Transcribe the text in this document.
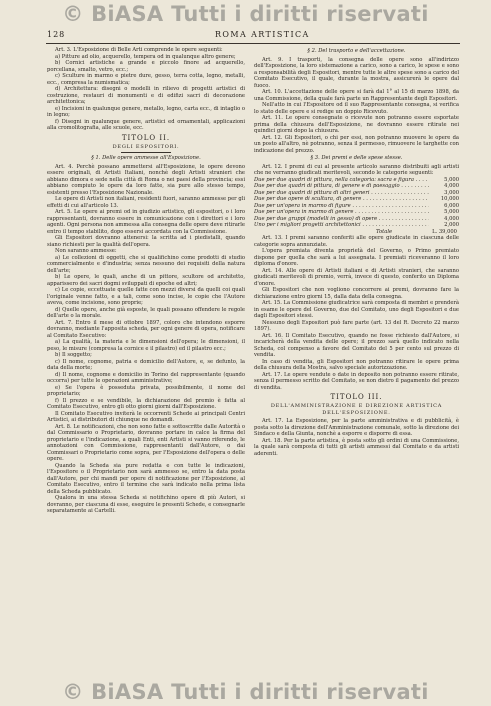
© BiASA Tutti i diritti riservati
128	ROMA ARTISTICA

Art. 3. L'Esposizione di Belle Arti comprende le opere seguenti:

a) Pitture ad olio, acquerello, tempera od in qualunque altro genere;

b) Cornici artistiche a grande e piccolo finore ad acquerello, porcellana, smalto, vetro, ecc.;

c) Sculture in marmo e pietre dure, gesso, terra cotta, legno, metalli, ecc., compresa la numismatica;

d) Architettura: disegni o modelli in rilievo di progetti artistici di costruzione, restauri di monumenti e di edifizi sacri di decorazione architettonica;

e) Incisioni in qualunque genere, metallo, legno, carta ecc., di intaglio o in legno;

f) Disegni in qualunque genere, artistici ed ornamentali, applicazioni alla cromolitografia, alle scuole, ecc.

TITOLO II.
DEGLI ESPOSITORI.
§ 1. Delle opere ammesse all'Esposizione.

Art. 4. Perchè possano ammettersi all'Esposizione, le opere devono essere originali, di Artisti Italiani, nonchè degli Artisti stranieri che abbiano dimora e sede nella città di Roma o nei paesi della provincia; essi abbiano compiuto le opere da loro fatte, sia pure allo stesso tempo, esistenti presso l'Esposizione Nazionale.

Le opere di Artisti non italiani, residenti fuori, saranno ammesse per gli effetti di cui all'articolo 13.

Art. 5. Le opere ai premi od in giudizio artistico, gli espositori, o i loro rappresentanti, dovranno essere in comunicazione con i direttori e i loro agenti. Ogni persona non ammessa alla consegna delle opere deve ritirarle entro il tempo stabilito, dopo essersi accordata con la Commissione.

Gli Espositori dovranno attenersi: la scritta ad i piedistalli, quando siano richiesti per la qualità dell'opera.

Non saranno ammesse:

a) Le collezioni di oggetti, che si qualifichino come prodotti di studio commercialmente e d'industria; senza nessuno dei requisiti della natura dell'arte;

b) Le opere, le quali, anche di un pittore, scultore od architetto, apparissero dei sacri dogmi sviluppati di epoche ed altri;

c) Le copie, eccettuate quelle fatte con mezzi diversi da quelli coi quali l'originale venne fatto, e a tali, come sono incise, le copie che l'Autore aveva, come incisione, sono proprie;

d) Quelle opere, anche già esposte, le quali possano offendere le regole dell'arte o la morale.

Art. 7. Entro il mese di ottobre 1897, coloro che intendono esporre dovranno, mediante l'apposita scheda, per ogni genere di opera, notificare al Comitato Esecutivo:

a) La qualità, la materia e le dimensioni dell'opera; le dimensioni, il peso, le misure (compresa la cornice e il pilastro) ed il pilastro ecc.;

b) Il soggetto;

c) Il nome, cognome, patria e domicilio dell'Autore, e, se defunto, la data della morte;

d) Il nome, cognome e domicilio in Torino del rappresentante (quando occorra) per tutte le operazioni amministrative;

e) Se l'opera è posseduta privata, possibilmente, il nome del proprietario;

f) Il prezzo e se vendibile, la dichiarazione del premio è fatta al Comitato Esecutivo, entro gli otto giorni giorni dall'Esposizione.

Il Comitato Esecutivo inviterà le occorrenti Schede ai principali Centri Artistici, ai distributori di chiunque ne domandi.

Art. 8. Le notificazioni, che non sono fatte e sottoscritte dalle Autorità o dal Commissario o Proprietario, dovranno portare in calce la firma del proprietario e l'indicazione, a quali Enti, enti Artisti si vanno riferendo, le annotazioni con Commissione, rappresentanti dall'Autore, o dai Commissari o Proprietario come sopra, per l'Esposizione dell'opera o delle opere.

Quando la Scheda sia pure redatta e con tutte le indicazioni, l'Espositore o il Proprietario non sarà ammesso se, entro la data posta dall'Autore, per chi mandi per opere di notificazione per l'Esposizione, al Comitato Esecutivo, entro il termine che sarà indicato nella prima lista della Scheda pubblicato.

Qualora in una stessa Scheda si notifichino opere di più Autori, si dovranno, per ciascuna di esse, eseguire le presenti Schede, e consegnarle separatamente ai Cartelli.

§ 2. Del trasporto e dell'accettazione.

Art. 9. I trasporti, la consegna delle opere sono all'indirizzo dell'Esposizione, la loro sistemazione a carico, sono a carico, le spese e sono a responsabilità degli Espositori, mentre tutte le altre spese sono a carico del Comitato Esecutivo, il quale, durante la mostra, assicurerà le opere dal fuoco.

Art. 10. L'accettazione delle opere si farà dal 1° al 15 di marzo 1898, da una Commissione, della quale farà parte un Rappresentante degli Espositori.

Nell'atto in cui l'Espositore od il suo Rappresentante consegna, si verifica lo stato delle opere e si redige un doppio Ricevuto.

Art. 11. Le opere consegnate o ricevute non potranno essere esportate prima della chiusura dell'Esposizione, ne dovranno essere ritirate nei quindici giorni dopo la chiusura.

Art. 12. Gli Espositori, o chi per essi, non potranno muovere le opere da un posto all'altro, nè potranno, senza il permesso, rimuovere le targhette con indicazione del prezzo.

§ 3. Dei premi e delle spese stesse.

Art. 12. I premi di cui al presente articolo saranno distribuiti agli artisti che ne verranno giudicati meritevoli, secondo le categorie seguenti:

Due per due quadri di pittura, nella categoria: sacra e figura . . .	5,000
Due per due quadri di pittura, di genere e di paesaggio . . .	4,000
Due per due quadri di pittura di altri generi . . .	3,000
Due per due opere di scultura, di genere . . .	10,000
Due per un'opera in marmo di figure . . .	6,000
Due per un'opera in marmo di genere . . .	5,000
Due per due gruppi (modelli in gesso) di opere . . .	4,000
Uno per i migliori progetti architettonici . . .	2,000
Totale	L. 39,000

Art. 13. I premi saranno conferiti alle opere giudicate in ciascuna delle categorie sopra annunziate.

L'opera premiata diventa proprietà del Governo, o Primo premiato dispone per quella che sarà a lui assegnata. I premiati riceveranno il loro diploma d'onore.

Art. 14. Alle opere di Artisti italiani e di Artisti stranieri, che saranno giudicati meritevoli di premio, verrà, invece di questo, conferito un Diploma d'onore.

Gli Espositori che non vogliono concorrere ai premi, dovranno fare la dichiarazione entro giorni 15, dalla data della consegna.

Art. 15. La Commissione giudicatrice sarà composta di membri e prenderà in esame le opere del Governo, due del Comitato, uno degli Espositori e due dagli Espositori stessi.

Nessuno degli Espositori può fare parte (art. 13 del R. Decreto 22 marzo 1897).

Art. 16. Il Comitato Esecutivo, quando ne fosse richiesto dall'Autore, si incaricherà della vendita delle opere; il prezzo sarà quello indicato nella Scheda, col compenso a favore del Comitato del 5 per cento sul prezzo di vendita.

In caso di vendita, gli Espositori non potranno ritirare le opere prima della chiusura della Mostra, salvo speciale autorizzazione.

Art. 17. Le opere vendute o date in deposito non potranno essere ritirate, senza il permesso scritto del Comitato, se non dietro il pagamento del prezzo di vendita.

TITOLO III.
DELL'AMMINISTRAZIONE E DIREZIONE ARTISTICA DELL'ESPOSIZIONE.

Art. 17. La Esposizione, per la parte amministrativa e di pubblicità, è posta sotto la direzione dell'Amministrazione comunale, sotto la direzione dei Sindaco e della Giunta, nonchè a esporre e disporre di essa.

Art. 18. Per la parte artistica, è posta sotto gli ordini di una Commissione, la quale sarà composta di tutti gli artisti ammessi dal Comitato e da artisti aderenti.

© BiASA Tutti i diritti riservati
